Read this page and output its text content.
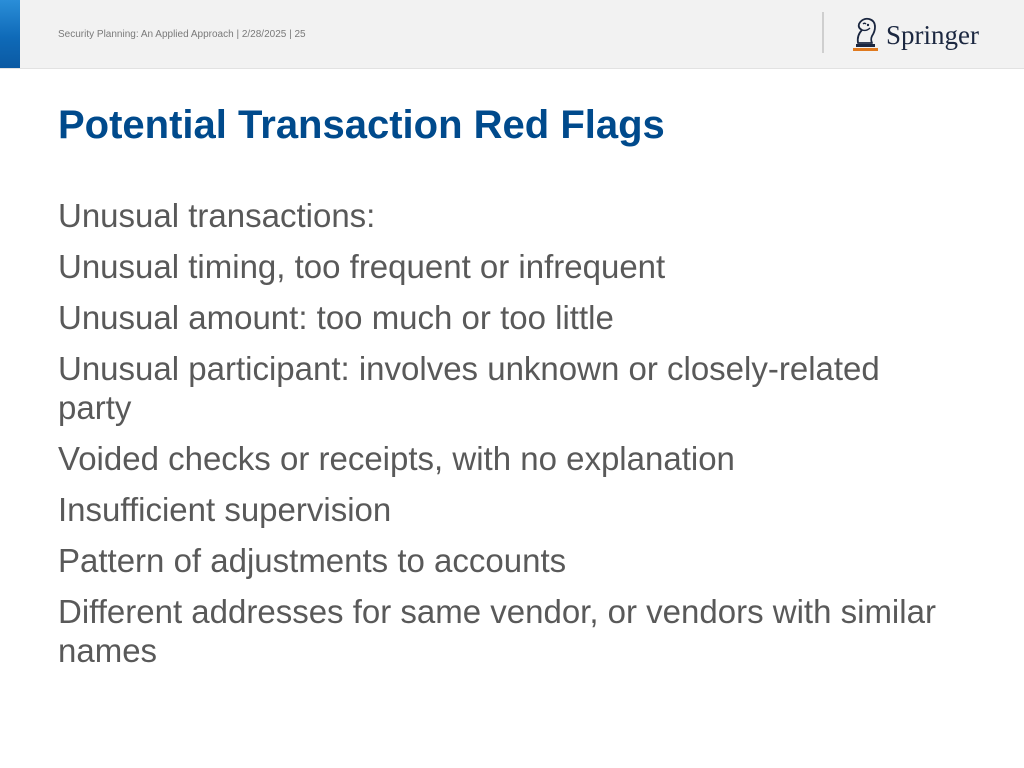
Security Planning: An Applied Approach | 2/28/2025 | 25	Springer
Potential Transaction Red Flags
Unusual transactions:
Unusual timing, too frequent or infrequent
Unusual amount: too much or too little
Unusual participant: involves unknown or closely-related party
Voided checks or receipts, with no explanation
Insufficient supervision
Pattern of adjustments to accounts
Different addresses for same vendor, or vendors with similar names
